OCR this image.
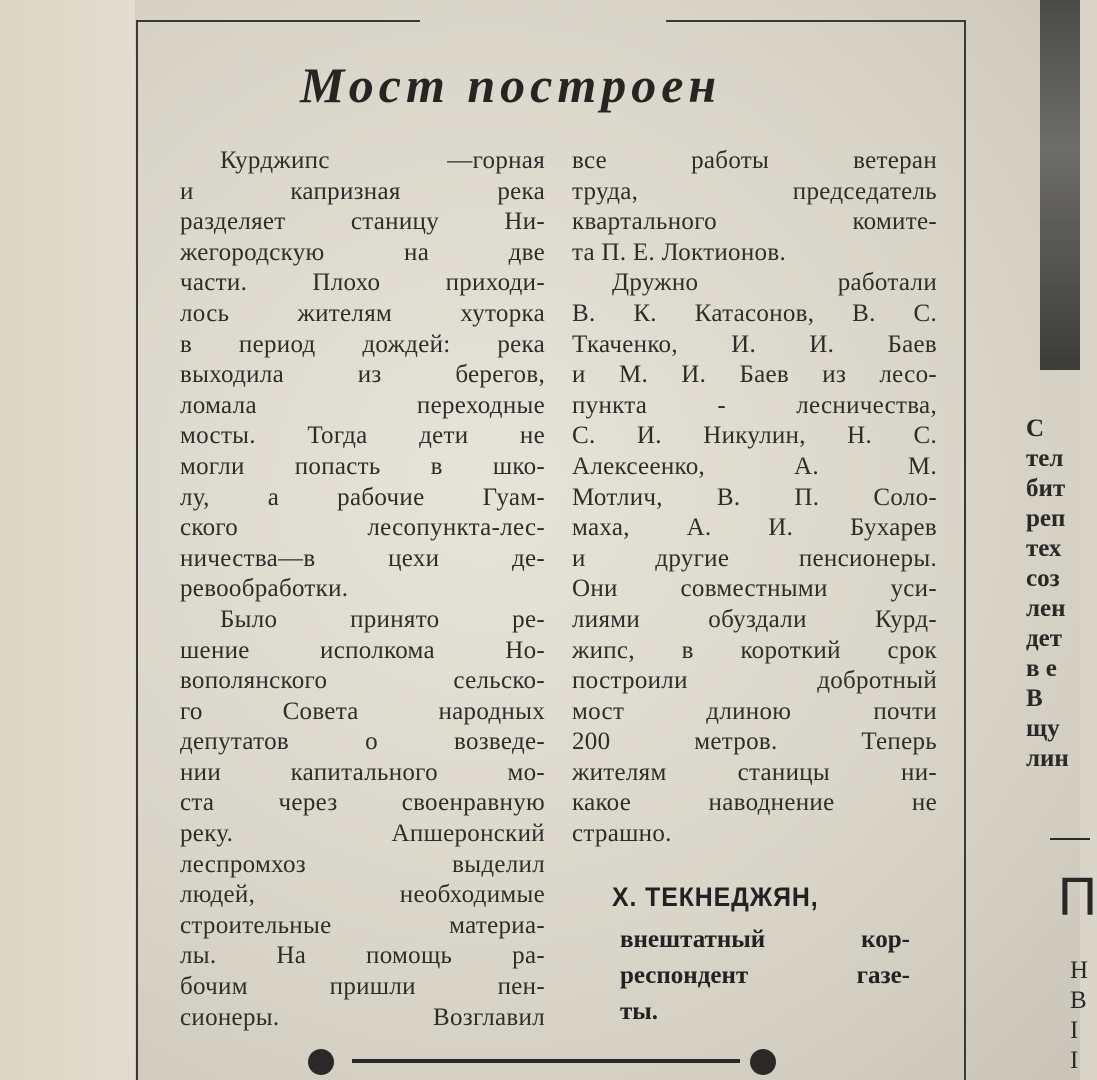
Мост построен

Курджипс —горная

и капризная река

разделяет станицу Ни-

жегородскую на две

части. Плохо приходи-

лось жителям хуторка

в период дождей: река

выходила из берегов,

ломала переходные

мосты. Тогда дети не

могли попасть в шко-

лу, а рабочие Гуам-

ского лесопункта-лес-

ничества—в цехи де-

ревообработки.

Было принято ре-

шение исполкома Но-

вополянского сельско-

го Совета народных

депутатов о возведе-

нии капитального мо-

ста через своенравную

реку. Апшеронский

леспромхоз выделил

людей, необходимые

строительные материа-

лы. На помощь ра-

бочим пришли пен-

сионеры. Возглавил

все работы ветеран

труда, председатель

квартального комите-

та П. Е. Локтионов.

Дружно работали

В. К. Катасонов, В. С.

Ткаченко, И. И. Баев

и М. И. Баев из лесо-

пункта - лесничества,

С. И. Никулин, Н. С.

Алексеенко, А. М.

Мотлич, В. П. Соло-

маха, А. И. Бухарев

и другие пенсионеры.

Они совместными уси-

лиями обуздали Курд-

жипс, в короткий срок

построили добротный

мост длиною почти

200 метров. Теперь

жителям станицы ни-

какое наводнение не

страшно.

Х. ТЕКНЕДЖЯН,

внештатный кор-

респондент газе-

ты.

С
тел
бит
реп
тех
соз
лен
дет
в е
В
щу
лин
П
Н
В
I
I
